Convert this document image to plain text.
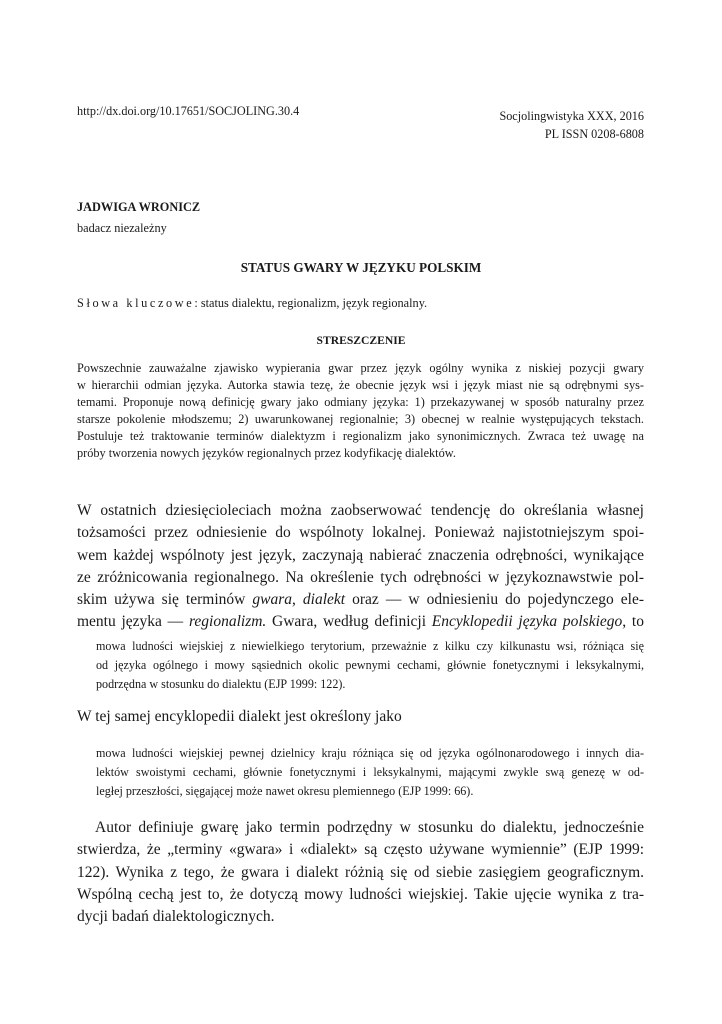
http://dx.doi.org/10.17651/SOCJOLING.30.4	Socjolingwistyka XXX, 2016
PL ISSN 0208-6808
JADWIGA WRONICZ
badacz niezależny
STATUS GWARY W JĘZYKU POLSKIM
Słowa kluczowe: status dialektu, regionalizm, język regionalny.
STRESZCZENIE
Powszechnie zauważalne zjawisko wypierania gwar przez język ogólny wynika z niskiej pozycji gwary
w hierarchii odmian języka. Autorka stawia tezę, że obecnie język wsi i język miast nie są odrębnymi sys-
temami. Proponuje nową definicję gwary jako odmiany języka: 1) przekazywanej w sposób naturalny przez
starsze pokolenie młodszemu; 2) uwarunkowanej regionalnie; 3) obecnej w realnie występujących tekstach.
Postuluje też traktowanie terminów dialektyzm i regionalizm jako synonimicznych. Zwraca też uwagę na
próby tworzenia nowych języków regionalnych przez kodyfikację dialektów.
W ostatnich dziesięcioleciach można zaobserwować tendencję do określania własnej
tożsamości przez odniesienie do wspólnoty lokalnej. Ponieważ najistotniejszym spoi-
wem każdej wspólnoty jest język, zaczynają nabierać znaczenia odrębności, wynikające
ze zróżnicowania regionalnego. Na określenie tych odrębności w językoznawstwie pol-
skim używa się terminów gwara, dialekt oraz — w odniesieniu do pojedynczego ele-
mentu języka — regionalizm. Gwara, według definicji Encyklopedii języka polskiego, to
mowa ludności wiejskiej z niewielkiego terytorium, przeważnie z kilku czy kilkunastu wsi, różniąca się
od języka ogólnego i mowy sąsiednich okolic pewnymi cechami, głównie fonetycznymi i leksykalnymi,
podrzędna w stosunku do dialektu (EJP 1999: 122).
W tej samej encyklopedii dialekt jest określony jako
mowa ludności wiejskiej pewnej dzielnicy kraju różniąca się od języka ogólnonarodowego i innych dia-
lektów swoistymi cechami, głównie fonetycznymi i leksykalnymi, mającymi zwykle swą genezę w od-
ległej przeszłości, sięgającej może nawet okresu plemiennego (EJP 1999: 66).
Autor definiuje gwarę jako termin podrzędny w stosunku do dialektu, jednocześnie
stwierdza, że „terminy «gwara» i «dialekt» są często używane wymiennie” (EJP 1999:
122). Wynika z tego, że gwara i dialekt różnią się od siebie zasięgiem geograficznym.
Wspólną cechą jest to, że dotyczą mowy ludności wiejskiej. Takie ujęcie wynika z tra-
dycji badań dialektologicznych.
